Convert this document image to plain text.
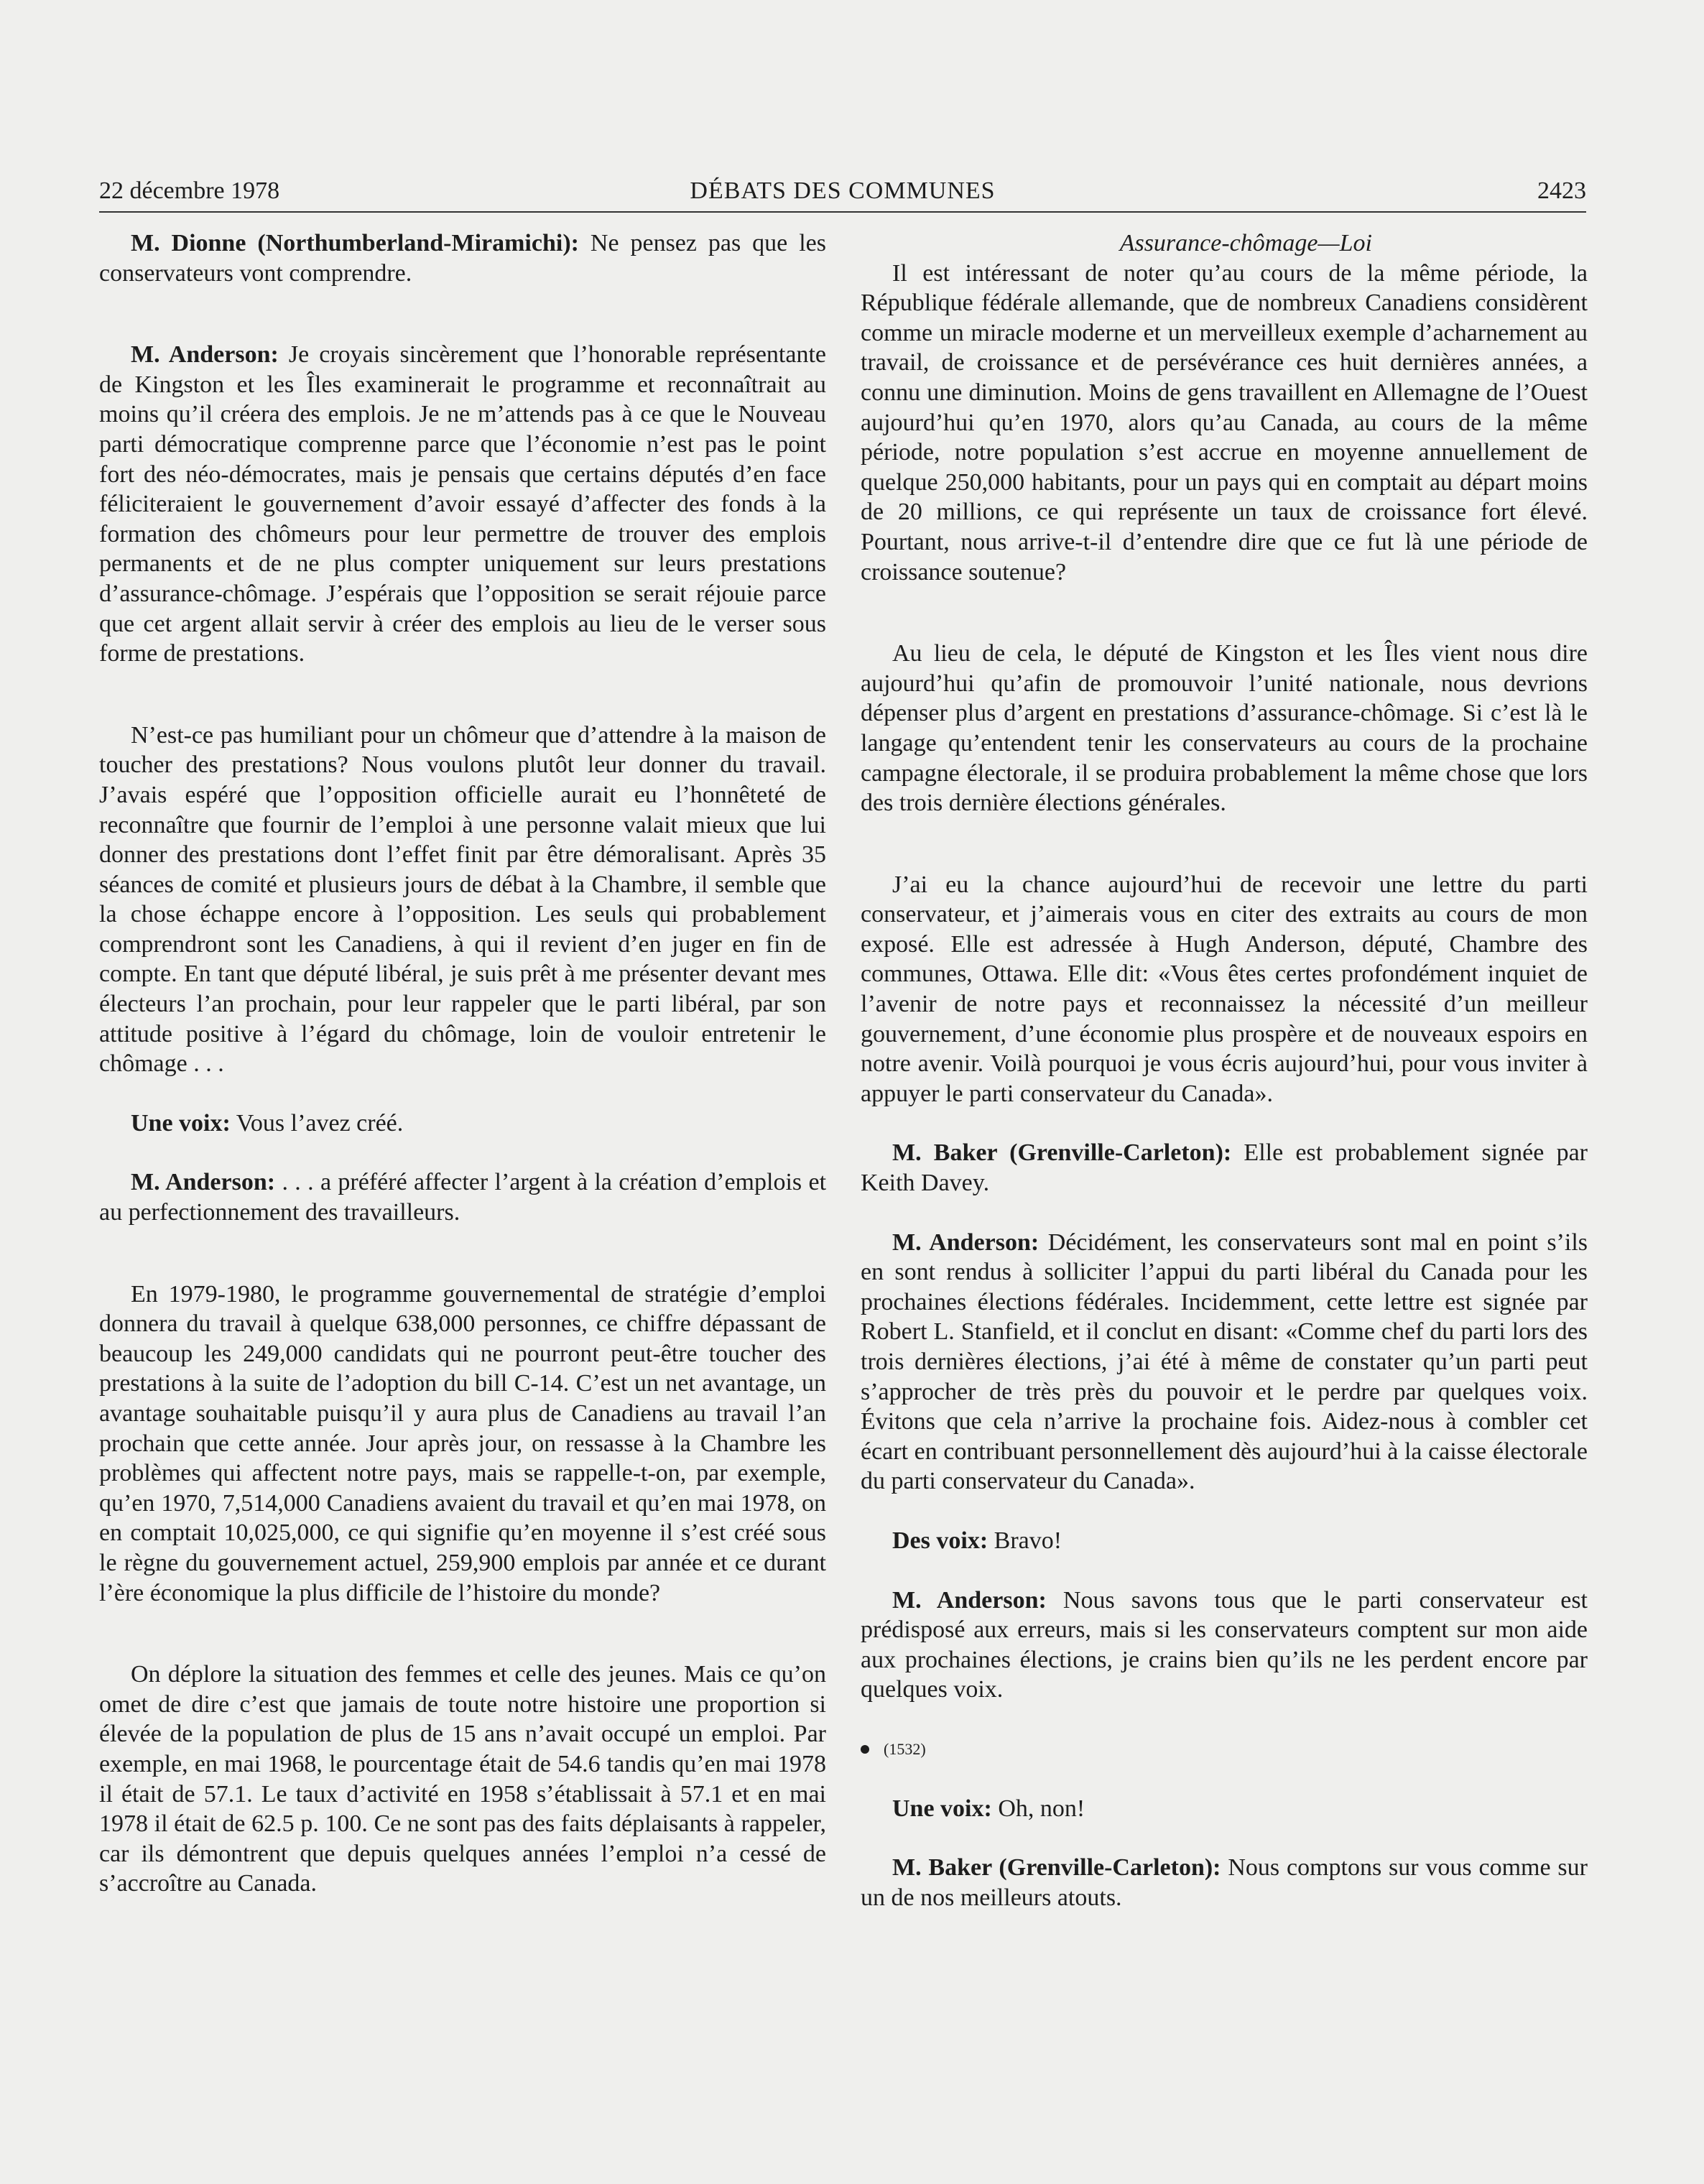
22 décembre 1978	DÉBATS DES COMMUNES	2423

M. Dionne (Northumberland-Miramichi): Ne pensez pas que les conservateurs vont comprendre.

M. Anderson: Je croyais sincèrement que l’honorable représentante de Kingston et les Îles examinerait le programme et reconnaîtrait au moins qu’il créera des emplois. Je ne m’attends pas à ce que le Nouveau parti démocratique comprenne parce que l’économie n’est pas le point fort des néo-démocrates, mais je pensais que certains députés d’en face féliciteraient le gouvernement d’avoir essayé d’affecter des fonds à la formation des chômeurs pour leur permettre de trouver des emplois permanents et de ne plus compter uniquement sur leurs prestations d’assurance-chômage. J’espérais que l’opposition se serait réjouie parce que cet argent allait servir à créer des emplois au lieu de le verser sous forme de prestations.

N’est-ce pas humiliant pour un chômeur que d’attendre à la maison de toucher des prestations? Nous voulons plutôt leur donner du travail. J’avais espéré que l’opposition officielle aurait eu l’honnêteté de reconnaître que fournir de l’emploi à une personne valait mieux que lui donner des prestations dont l’effet finit par être démoralisant. Après 35 séances de comité et plusieurs jours de débat à la Chambre, il semble que la chose échappe encore à l’opposition. Les seuls qui probablement comprendront sont les Canadiens, à qui il revient d’en juger en fin de compte. En tant que député libéral, je suis prêt à me présenter devant mes électeurs l’an prochain, pour leur rappeler que le parti libéral, par son attitude positive à l’égard du chômage, loin de vouloir entretenir le chômage . . .

Une voix: Vous l’avez créé.

M. Anderson: . . . a préféré affecter l’argent à la création d’emplois et au perfectionnement des travailleurs.

En 1979-1980, le programme gouvernemental de stratégie d’emploi donnera du travail à quelque 638,000 personnes, ce chiffre dépassant de beaucoup les 249,000 candidats qui ne pourront peut-être toucher des prestations à la suite de l’adoption du bill C-14. C’est un net avantage, un avantage souhaitable puisqu’il y aura plus de Canadiens au travail l’an prochain que cette année. Jour après jour, on ressasse à la Chambre les problèmes qui affectent notre pays, mais se rappelle-t-on, par exemple, qu’en 1970, 7,514,000 Canadiens avaient du travail et qu’en mai 1978, on en comptait 10,025,000, ce qui signifie qu’en moyenne il s’est créé sous le règne du gouvernement actuel, 259,900 emplois par année et ce durant l’ère économique la plus difficile de l’histoire du monde?

On déplore la situation des femmes et celle des jeunes. Mais ce qu’on omet de dire c’est que jamais de toute notre histoire une proportion si élevée de la population de plus de 15 ans n’avait occupé un emploi. Par exemple, en mai 1968, le pourcentage était de 54.6 tandis qu’en mai 1978 il était de 57.1. Le taux d’activité en 1958 s’établissait à 57.1 et en mai 1978 il était de 62.5 p. 100. Ce ne sont pas des faits déplaisants à rappeler, car ils démontrent que depuis quelques années l’emploi n’a cessé de s’accroître au Canada.

Assurance-chômage—Loi

Il est intéressant de noter qu’au cours de la même période, la République fédérale allemande, que de nombreux Canadiens considèrent comme un miracle moderne et un merveilleux exemple d’acharnement au travail, de croissance et de persévérance ces huit dernières années, a connu une diminution. Moins de gens travaillent en Allemagne de l’Ouest aujourd’hui qu’en 1970, alors qu’au Canada, au cours de la même période, notre population s’est accrue en moyenne annuellement de quelque 250,000 habitants, pour un pays qui en comptait au départ moins de 20 millions, ce qui représente un taux de croissance fort élevé. Pourtant, nous arrive-t-il d’entendre dire que ce fut là une période de croissance soutenue?

Au lieu de cela, le député de Kingston et les Îles vient nous dire aujourd’hui qu’afin de promouvoir l’unité nationale, nous devrions dépenser plus d’argent en prestations d’assurance-chômage. Si c’est là le langage qu’entendent tenir les conservateurs au cours de la prochaine campagne électorale, il se produira probablement la même chose que lors des trois dernière élections générales.

J’ai eu la chance aujourd’hui de recevoir une lettre du parti conservateur, et j’aimerais vous en citer des extraits au cours de mon exposé. Elle est adressée à Hugh Anderson, député, Chambre des communes, Ottawa. Elle dit: «Vous êtes certes profondément inquiet de l’avenir de notre pays et reconnaissez la nécessité d’un meilleur gouvernement, d’une économie plus prospère et de nouveaux espoirs en notre avenir. Voilà pourquoi je vous écris aujourd’hui, pour vous inviter à appuyer le parti conservateur du Canada».

M. Baker (Grenville-Carleton): Elle est probablement signée par Keith Davey.

M. Anderson: Décidément, les conservateurs sont mal en point s’ils en sont rendus à solliciter l’appui du parti libéral du Canada pour les prochaines élections fédérales. Incidemment, cette lettre est signée par Robert L. Stanfield, et il conclut en disant: «Comme chef du parti lors des trois dernières élections, j’ai été à même de constater qu’un parti peut s’approcher de très près du pouvoir et le perdre par quelques voix. Évitons que cela n’arrive la prochaine fois. Aidez-nous à combler cet écart en contribuant personnellement dès aujourd’hui à la caisse électorale du parti conservateur du Canada».

Des voix: Bravo!

M. Anderson: Nous savons tous que le parti conservateur est prédisposé aux erreurs, mais si les conservateurs comptent sur mon aide aux prochaines élections, je crains bien qu’ils ne les perdent encore par quelques voix.

(1532)

Une voix: Oh, non!

M. Baker (Grenville-Carleton): Nous comptons sur vous comme sur un de nos meilleurs atouts.
